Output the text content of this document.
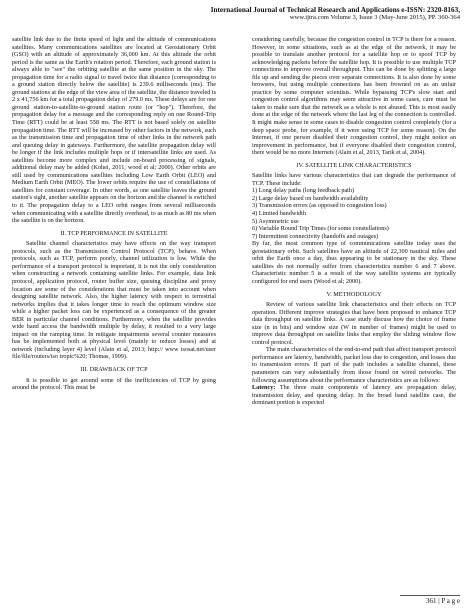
International Journal of Technical Research and Applications e-ISSN: 2320-8163,
www.ijtra.com Volume 3, Issue 3 (May-June 2015), PP. 360-364

satellite link due to the finite speed of light and the altitude of communications satellites. Many communications satellites are located at Geostationary Orbit (GSO) with an altitude of approximately 36,000 km. At this altitude the orbit period is the same as the Earth's rotation period. Therefore, each ground station is always able to "see" the orbiting satellite at the same position in the sky. The propagation time for a radio signal to travel twice that distance (corresponding to a ground station directly below the satellite) is 239.6 milliseconds (ms). The ground stations at the edge of the view area of the satellite, the distance traveled is 2 x 41,756 km for a total propagation delay of 279.0 ms. These delays are for one ground station-to-satellite-to-ground station route (or "hop"). Therefore, the propagation delay for a message and the corresponding reply on one Round-Trip Time (RTT) could be at least 558 ms. The RTT is not based solely on satellite propagation time. The RTT will be increased by other factors in the network, such as the transmission time and propagation time of other links in the network path and queuing delay in gateways. Furthermore, the satellite propagation delay will be longer if the link includes multiple hops or if intersatellite links are used. As satellites become more complex and include on-board processing of signals, additional delay may be added (Kohei, 2011, wood et al; 2000). Other orbits are still used by communications satellites including Low Earth Orbit (LEO) and Medium Earth Orbit (MEO). The lower orbits require the use of constellations of satellites for constant coverage. In other words, as one satellite leaves the ground station's sight, another satellite appears on the horizon and the channel is switched to it. The propagation delay to a LEO orbit ranges from several milliseconds when communicating with a satellite directly overhead, to as much as 80 ms when the satellite is on the horizon.

II. TCP PERFORMANCE IN SATELLITE

Satellite channel characteristics may have effects on the way transport protocols, such as the Transmission Control Protocol (TCP), behave. When protocols, such as TCP, perform poorly, channel utilization is low. While the performance of a transport protocol is important, it is not the only consideration when constructing a network containing satellite links. For example, data link protocol, application protocol, router buffer size, queuing discipline and proxy location are some of the considerations that must be taken into account when designing satellite network. Also, the higher latency with respect to terrestrial networks implies that it takes longer time to reach the optimum window size while a higher packet loss can be experienced as a consequence of the greater BER in particular channel conditions. Furthermore, when the satellite provides wide band access the bandwidth multiple by delay, it resulted to a very large impact on the ramping time. In mitigate impairments several counter measures has be implemented both at physical level (mainly to reduce losses) and at network (including layer 4) level (Alain et al, 2013; http:// www isosat.net/user file/file/routers/iso tropic%20; Thomas, 1999).

III. DRAWBACK OF TCP

It is possible to get around some of the inefficiencies of TCP by going around the protocol. This must be

considering carefully, because the congestion control in TCP is there for a reason. However, in some situations, such as at the edge of the network, it may be possible to translate another protocol for a satellite hop or to spoof TCP by acknowledging packets before the satellite hop. It is possible to use multiple TCP connections to improve overall throughput. This can be done by splitting a large file up and sending the pieces over separate connections. It is also done by some browsers, but using multiple connections has been frowned on as an unfair practice by some computer scientists. While bypassing TCP's slow start and congestion control algorithms may seem attractive in some cases, care must be taken to make sure that the network as a whole is not abused. This is most easily done at the edge of the network where the last leg of the connection is controlled. It might make sense in some cases to disable congestion control completely (for a deep space probe, for example, if it were using TCP for some reason). On the Internet, if one person disabled their congestion control, they might notice an improvement in performance, but if everyone disabled their congestion control, there would be no more Internets (Alain et al, 2013, Tarik et al, 2004).

IV. SATELLITE LINK CHARACTERISTICS

Satellite links have various characteristics that can degrade the performance of TCP. These include:

1) Long delay paths (long feedback path)
2) Large delay based on bandwidth availability
3) Transmission errors (as opposed to congestion loss)
4) Limited bandwidth
5) Asymmetric use
6) Variable Round Trip Times (for some constellations)
7) Intermittent connectivity (handoffs and outages)

By far, the most common type of communications satellite today uses the geostationary orbit. Such satellites have an altitude of 22,300 nautical miles and orbit the Earth once a day, thus appearing to be stationary in the sky. These satellites do not normally suffer from characteristics number 6 and 7 above. Characteristic number 5 is a result of the way satellite systems are typically configured for end users (Wood et al; 2000).

V. METHODOLOGY

Review of various satellite link characteristics and their effects on TCP operation. Different improve strategies that have been proposed to enhance TCP data throughput on satellite links. A case study discuss how the choice of frame size (n in bits) and window size (W in number of frames) might be used to improve data throughput on satellite links that employ the sliding window flow control protocol.

The main characteristics of the end-to-end path that affect transport protocol performance are latency, bandwidth, packet loss due to congestion, and losses due to transmission errors. If part of the path includes a satellite channel, these parameters can vary substantially from those found on wired networks. The following assumptions about the performance characteristics are as follows:

Latency: The three main components of latency are propagation delay, transmission delay, and queuing delay. In the broad band satellite case, the dominant portion is expected

361 | P a g e
